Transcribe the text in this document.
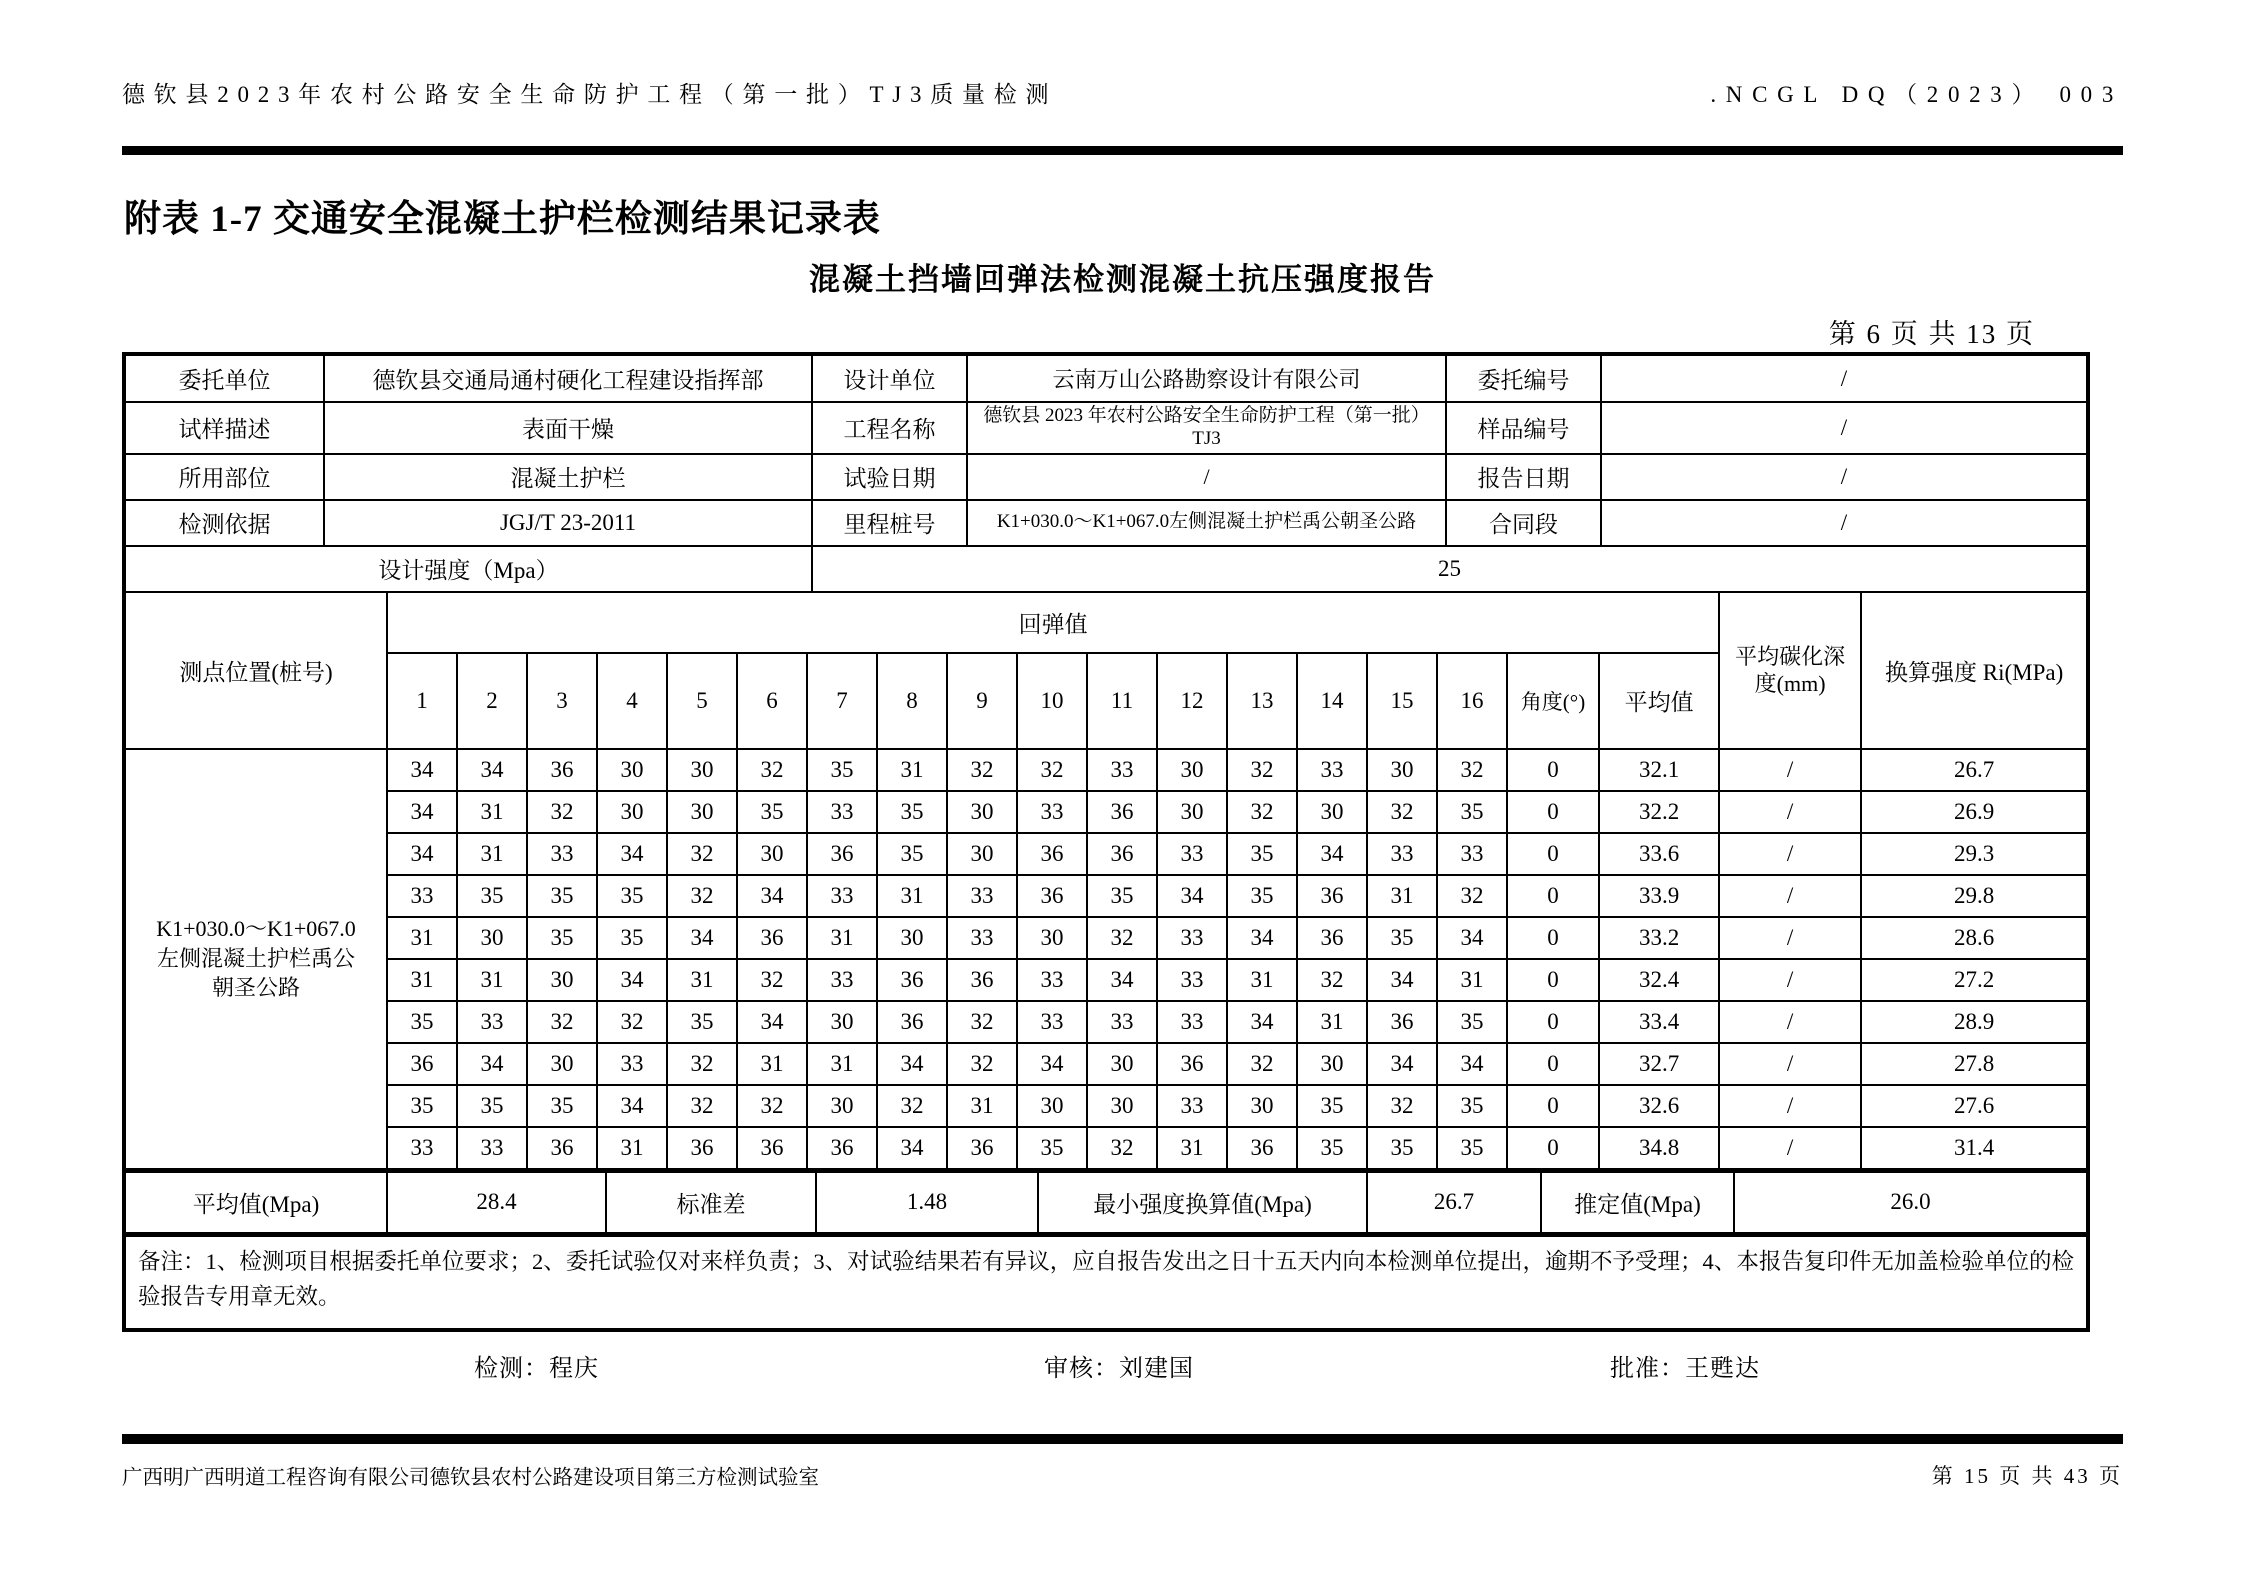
德钦县2023年农村公路安全生命防护工程（第一批）TJ3质量检测	.NCGL DQ（2023） 003
附表 1-7 交通安全混凝土护栏检测结果记录表
混凝土挡墙回弹法检测混凝土抗压强度报告
第 6 页 共 13 页
委托单位	德钦县交通局通村硬化工程建设指挥部	设计单位	云南万山公路勘察设计有限公司	委托编号	/
试样描述	表面干燥	工程名称	德钦县 2023 年农村公路安全生命防护工程（第一批）TJ3	样品编号	/
所用部位	混凝土护栏	试验日期	/	报告日期	/
检测依据	JGJ/T 23-2011	里程桩号	K1+030.0～K1+067.0左侧混凝土护栏禹公朝圣公路	合同段	/
设计强度（Mpa）		25			
测点位置(桩号)	回弹值																		平均碳化深度(mm)	换算强度 Ri(MPa)
	1	2	3	4	5	6	7	8	9	10	11	12	13	14	15	16	角度(°)	平均值		
K1+030.0～K1+067.0 左侧混凝土护栏禹公朝圣公路	34	34	36	30	30	32	35	31	32	32	33	30	32	33	30	32	0	32.1	/	26.7
	34	31	32	30	30	35	33	35	30	33	36	30	32	30	32	35	0	32.2	/	26.9
	34	31	33	34	32	30	36	35	30	36	36	33	35	34	33	33	0	33.6	/	29.3
	33	35	35	35	32	34	33	31	33	36	35	34	35	36	31	32	0	33.9	/	29.8
	31	30	35	35	34	36	31	30	33	30	32	33	34	36	35	34	0	33.2	/	28.6
	31	31	30	34	31	32	33	36	36	33	34	33	31	32	34	31	0	32.4	/	27.2
	35	33	32	32	35	34	30	36	32	33	33	33	34	31	36	35	0	33.4	/	28.9
	36	34	30	33	32	31	31	34	32	34	30	36	32	30	34	34	0	32.7	/	27.8
	35	35	35	34	32	32	30	32	31	30	30	33	30	35	32	35	0	32.6	/	27.6
	33	33	36	31	36	36	36	34	36	35	32	31	36	35	35	35	0	34.8	/	31.4
平均值(Mpa)	28.4	标准差	1.48	最小强度换算值(Mpa)	26.7	推定值(Mpa)	26.0
备注：1、检测项目根据委托单位要求；2、委托试验仅对来样负责；3、对试验结果若有异议，应自报告发出之日十五天内向本检测单位提出，逾期不予受理；4、本报告复印件无加盖检验单位的检验报告专用章无效。
检测：程庆	审核：刘建国	批准：王甦达
广西明广西明道工程咨询有限公司德钦县农村公路建设项目第三方检测试验室	第 15 页 共 43 页
